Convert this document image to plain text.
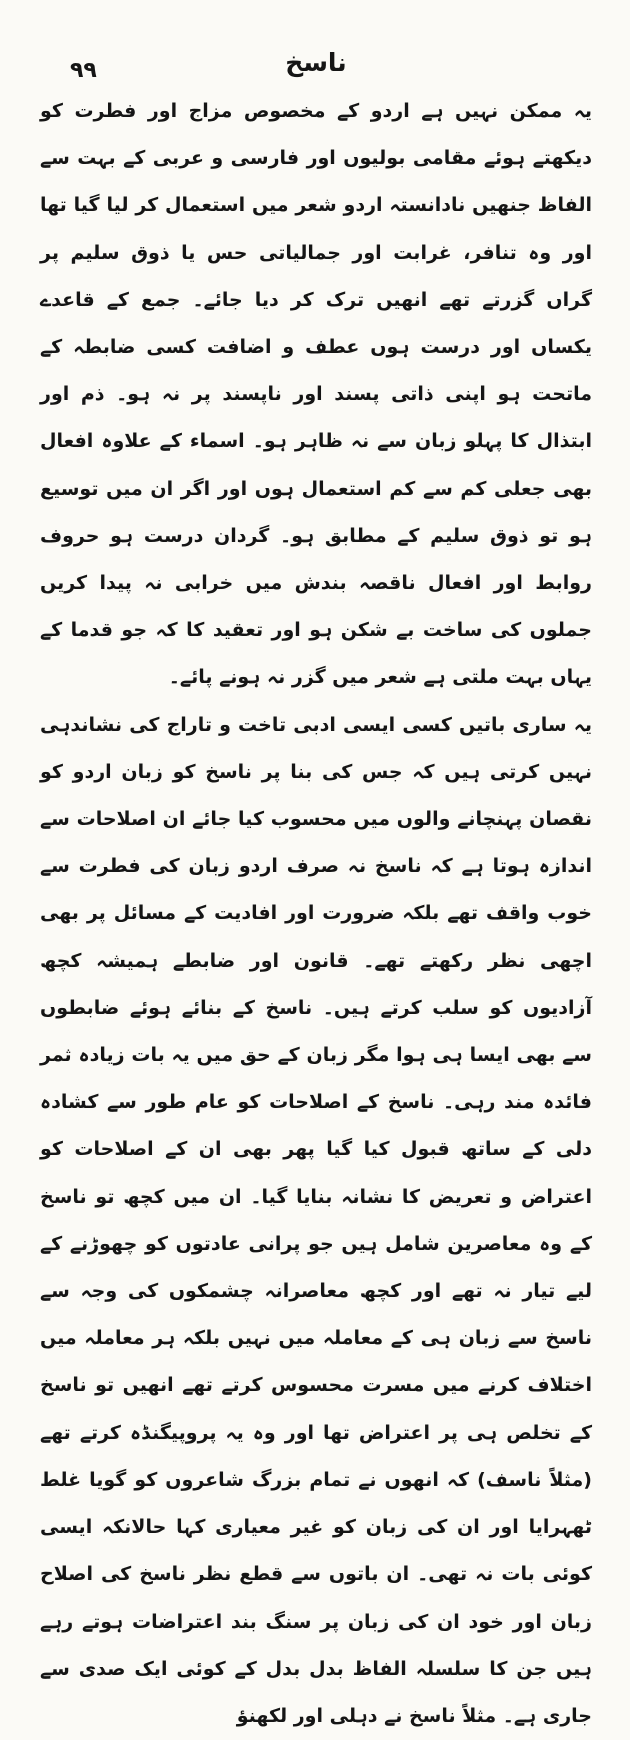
۹۹	ناسخ

یہ ممکن نہیں ہے اردو کے مخصوص مزاج اور فطرت کو دیکھتے ہوئے مقامی بولیوں اور فارسی و عربی کے بہت سے الفاظ جنھیں نادانستہ اردو شعر میں استعمال کر لیا گیا تھا اور وہ تنافر، غرابت اور جمالیاتی حس یا ذوق سلیم پر گراں گزرتے تھے انھیں ترک کر دیا جائے۔ جمع کے قاعدے یکساں اور درست ہوں عطف و اضافت کسی ضابطہ کے ماتحت ہو اپنی ذاتی پسند اور ناپسند پر نہ ہو۔ ذم اور ابتذال کا پہلو زبان سے نہ ظاہر ہو۔ اسماء کے علاوہ افعال بھی جعلی کم سے کم استعمال ہوں اور اگر ان میں توسیع ہو تو ذوق سلیم کے مطابق ہو۔ گردان درست ہو حروف روابط اور افعال ناقصہ بندش میں خرابی نہ پیدا کریں جملوں کی ساخت بے شکن ہو اور تعقید کا کہ جو قدما کے یہاں بہت ملتی ہے شعر میں گزر نہ ہونے پائے۔

یہ ساری باتیں کسی ایسی ادبی تاخت و تاراج کی نشاندہی نہیں کرتی ہیں کہ جس کی بنا پر ناسخ کو زبان اردو کو نقصان پہنچانے والوں میں محسوب کیا جائے ان اصلاحات سے اندازہ ہوتا ہے کہ ناسخ نہ صرف اردو زبان کی فطرت سے خوب واقف تھے بلکہ ضرورت اور افادیت کے مسائل پر بھی اچھی نظر رکھتے تھے۔ قانون اور ضابطے ہمیشہ کچھ آزادیوں کو سلب کرتے ہیں۔ ناسخ کے بنائے ہوئے ضابطوں سے بھی ایسا ہی ہوا مگر زبان کے حق میں یہ بات زیادہ ثمر فائدہ مند رہی۔ ناسخ کے اصلاحات کو عام طور سے کشادہ دلی کے ساتھ قبول کیا گیا پھر بھی ان کے اصلاحات کو اعتراض و تعریض کا نشانہ بنایا گیا۔ ان میں کچھ تو ناسخ کے وہ معاصرین شامل ہیں جو پرانی عادتوں کو چھوڑنے کے لیے تیار نہ تھے اور کچھ معاصرانہ چشمکوں کی وجہ سے ناسخ سے زبان ہی کے معاملہ میں نہیں بلکہ ہر معاملہ میں اختلاف کرنے میں مسرت محسوس کرتے تھے انھیں تو ناسخ کے تخلص ہی پر اعتراض تھا اور وہ یہ پروپیگنڈہ کرتے تھے (مثلاً ناسف) کہ انھوں نے تمام بزرگ شاعروں کو گویا غلط ٹھہرایا اور ان کی زبان کو غیر معیاری کہا حالانکہ ایسی کوئی بات نہ تھی۔ ان باتوں سے قطع نظر ناسخ کی اصلاح زبان اور خود ان کی زبان پر سنگ بند اعتراضات ہوتے رہے ہیں جن کا سلسلہ الفاظ بدل بدل کے کوئی ایک صدی سے جاری ہے۔ مثلاً ناسخ نے دہلی اور لکھنؤ
